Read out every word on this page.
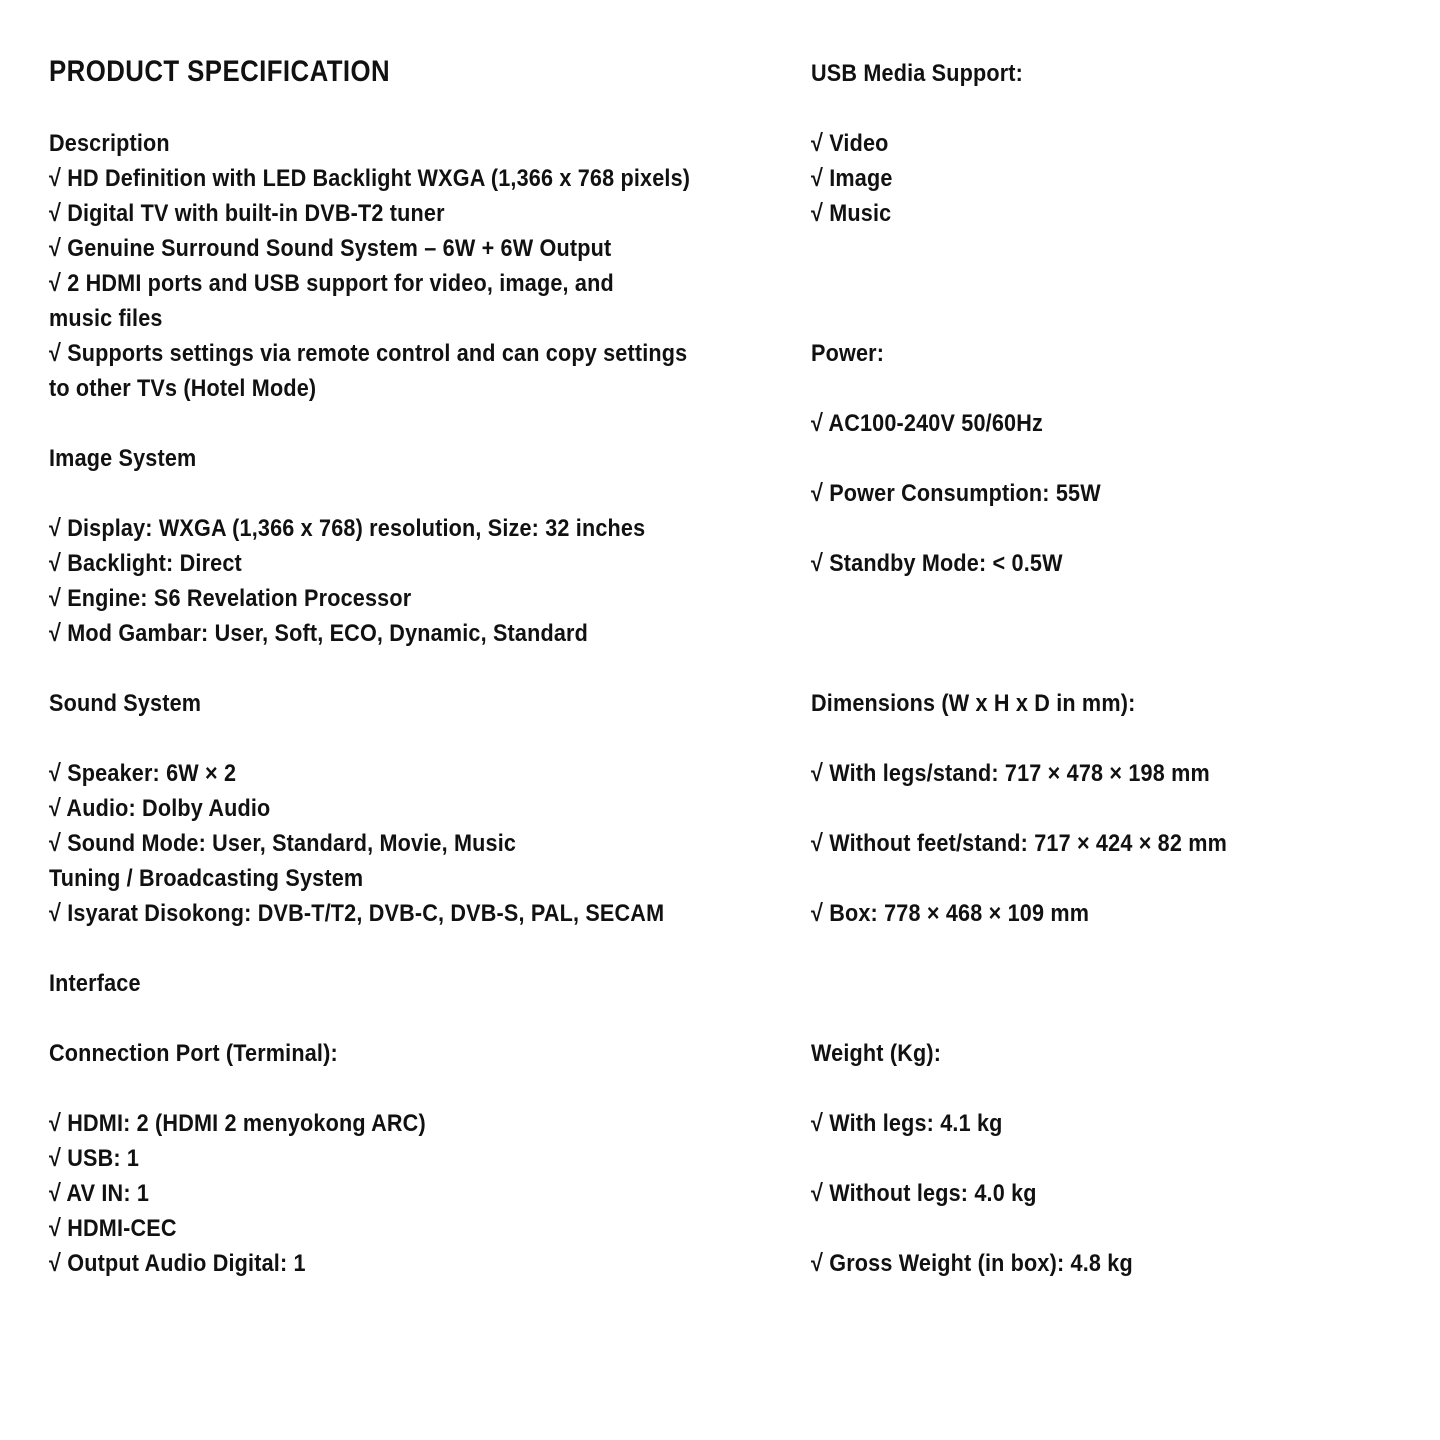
PRODUCT SPECIFICATION
Description
√ HD Definition with LED Backlight WXGA (1,366 x 768 pixels)
√ Digital TV with built-in DVB-T2 tuner
√ Genuine Surround Sound System – 6W + 6W Output
√ 2 HDMI ports and USB support for video, image, and
music files
√ Supports settings via remote control and can copy settings
to other TVs (Hotel Mode)
Image System
√ Display: WXGA (1,366 x 768) resolution, Size: 32 inches
√ Backlight: Direct
√ Engine: S6 Revelation Processor
√ Mod Gambar: User, Soft, ECO, Dynamic, Standard
Sound System
√ Speaker: 6W × 2
√ Audio: Dolby Audio
√ Sound Mode: User, Standard, Movie, Music
Tuning / Broadcasting System
√ Isyarat Disokong: DVB-T/T2, DVB-C, DVB-S, PAL, SECAM
Interface
Connection Port (Terminal):
√ HDMI: 2 (HDMI 2 menyokong ARC)
√ USB: 1
√ AV IN: 1
√ HDMI-CEC
√ Output Audio Digital: 1
USB Media Support:
√ Video
√ Image
√ Music
Power:
√ AC100-240V 50/60Hz
√ Power Consumption: 55W
√ Standby Mode: < 0.5W
Dimensions (W x H x D in mm):
√ With legs/stand: 717 × 478 × 198 mm
√ Without feet/stand: 717 × 424 × 82 mm
√ Box: 778 × 468 × 109 mm
Weight (Kg):
√ With legs: 4.1 kg
√ Without legs: 4.0 kg
√ Gross Weight (in box): 4.8 kg
